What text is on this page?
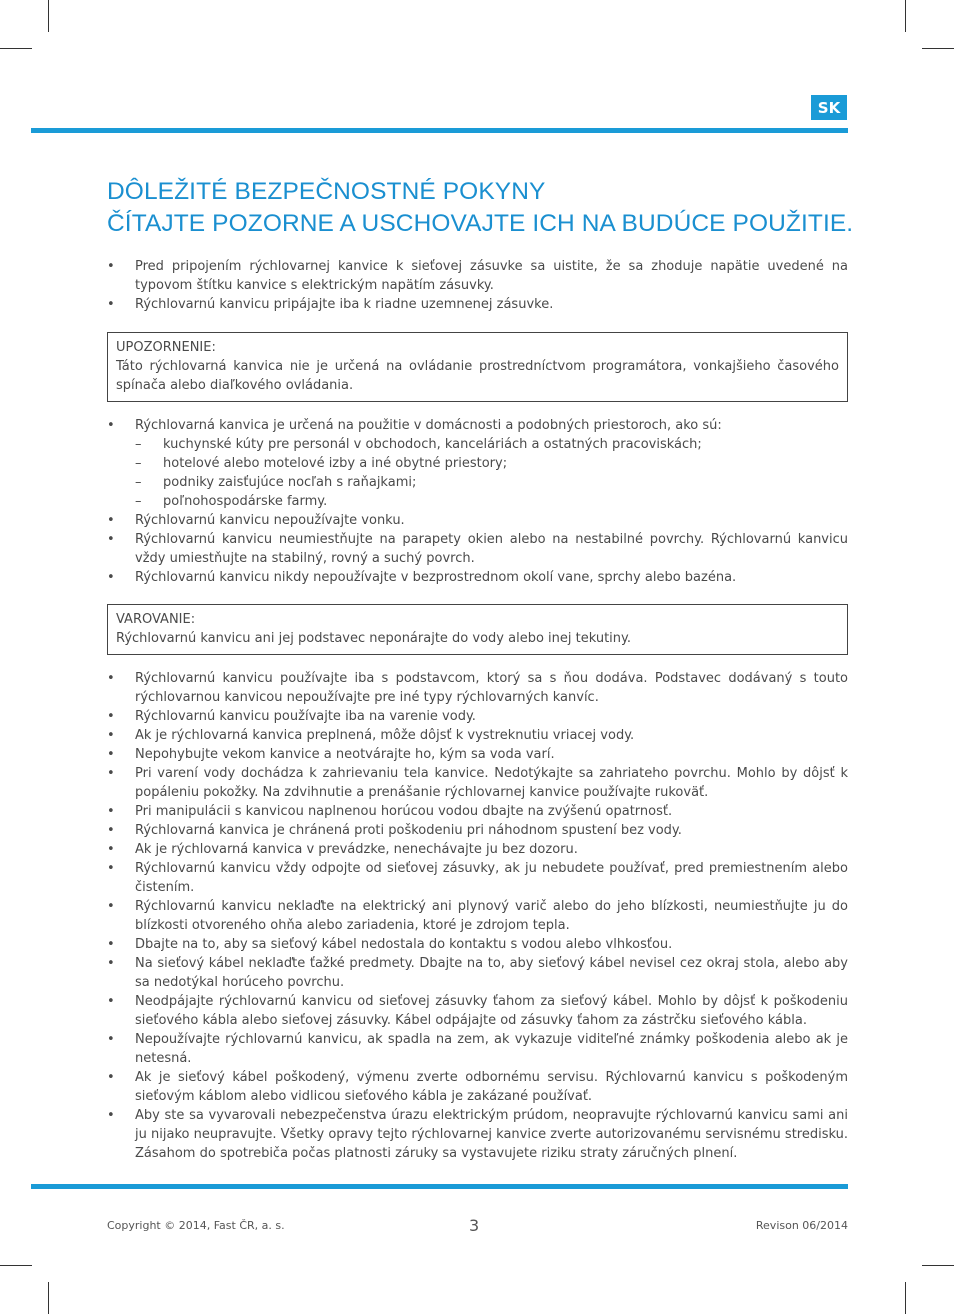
SK
DÔLEŽITÉ BEZPEČNOSTNÉ POKYNY
ČÍTAJTE POZORNE A USCHOVAJTE ICH NA BUDÚCE POUŽITIE.
• Pred pripojením rýchlovarnej kanvice k sieťovej zásuvke sa uistite, že sa zhoduje napätie uvedené na typovom štítku kanvice s elektrickým napätím zásuvky.
• Rýchlovarnú kanvicu pripájajte iba k riadne uzemnenej zásuvke.
UPOZORNENIE:
Táto rýchlovarná kanvica nie je určená na ovládanie prostredníctvom programátora, vonkajšieho časového spínača alebo diaľkového ovládania.
• Rýchlovarná kanvica je určená na použitie v domácnosti a podobných priestoroch, ako sú:
– kuchynské kúty pre personál v obchodoch, kanceláriách a ostatných pracoviskách;
– hotelové alebo motelové izby a iné obytné priestory;
– podniky zaisťujúce nocľah s raňajkami;
– poľnohospodárske farmy.
• Rýchlovarnú kanvicu nepoužívajte vonku.
• Rýchlovarnú kanvicu neumiestňujte na parapety okien alebo na nestabilné povrchy. Rýchlovarnú kanvicu vždy umiestňujte na stabilný, rovný a suchý povrch.
• Rýchlovarnú kanvicu nikdy nepoužívajte v bezprostrednom okolí vane, sprchy alebo bazéna.
VAROVANIE:
Rýchlovarnú kanvicu ani jej podstavec neponárajte do vody alebo inej tekutiny.
• Rýchlovarnú kanvicu používajte iba s podstavcom, ktorý sa s ňou dodáva. Podstavec dodávaný s touto rýchlovarnou kanvicou nepoužívajte pre iné typy rýchlovarných kanvíc.
• Rýchlovarnú kanvicu používajte iba na varenie vody.
• Ak je rýchlovarná kanvica preplnená, môže dôjsť k vystreknutiu vriacej vody.
• Nepohybujte vekom kanvice a neotvárajte ho, kým sa voda varí.
• Pri varení vody dochádza k zahrievaniu tela kanvice. Nedotýkajte sa zahriateho povrchu. Mohlo by dôjsť k popáleniu pokožky. Na zdvihnutie a prenášanie rýchlovarnej kanvice používajte rukoväť.
• Pri manipulácii s kanvicou naplnenou horúcou vodou dbajte na zvýšenú opatrnosť.
• Rýchlovarná kanvica je chránená proti poškodeniu pri náhodnom spustení bez vody.
• Ak je rýchlovarná kanvica v prevádzke, nenechávajte ju bez dozoru.
• Rýchlovarnú kanvicu vždy odpojte od sieťovej zásuvky, ak ju nebudete používať, pred premiestnením alebo čistením.
• Rýchlovarnú kanvicu neklaďte na elektrický ani plynový varič alebo do jeho blízkosti, neumiestňujte ju do blízkosti otvoreného ohňa alebo zariadenia, ktoré je zdrojom tepla.
• Dbajte na to, aby sa sieťový kábel nedostala do kontaktu s vodou alebo vlhkosťou.
• Na sieťový kábel neklaďte ťažké predmety. Dbajte na to, aby sieťový kábel nevisel cez okraj stola, alebo aby sa nedotýkal horúceho povrchu.
• Neodpájajte rýchlovarnú kanvicu od sieťovej zásuvky ťahom za sieťový kábel. Mohlo by dôjsť k poškodeniu sieťového kábla alebo sieťovej zásuvky. Kábel odpájajte od zásuvky ťahom za zástrčku sieťového kábla.
• Nepoužívajte rýchlovarnú kanvicu, ak spadla na zem, ak vykazuje viditeľné známky poškodenia alebo ak je netesná.
• Ak je sieťový kábel poškodený, výmenu zverte odbornému servisu. Rýchlovarnú kanvicu s poškodeným sieťovým káblom alebo vidlicou sieťového kábla je zakázané používať.
• Aby ste sa vyvarovali nebezpečenstva úrazu elektrickým prúdom, neopravujte rýchlovarnú kanvicu sami ani ju nijako neupravujte. Všetky opravy tejto rýchlovarnej kanvice zverte autorizovanému servisnému stredisku. Zásahom do spotrebiča počas platnosti záruky sa vystavujete riziku straty záručných plnení.
Copyright © 2014, Fast ČR, a. s.	3	Revison 06/2014
